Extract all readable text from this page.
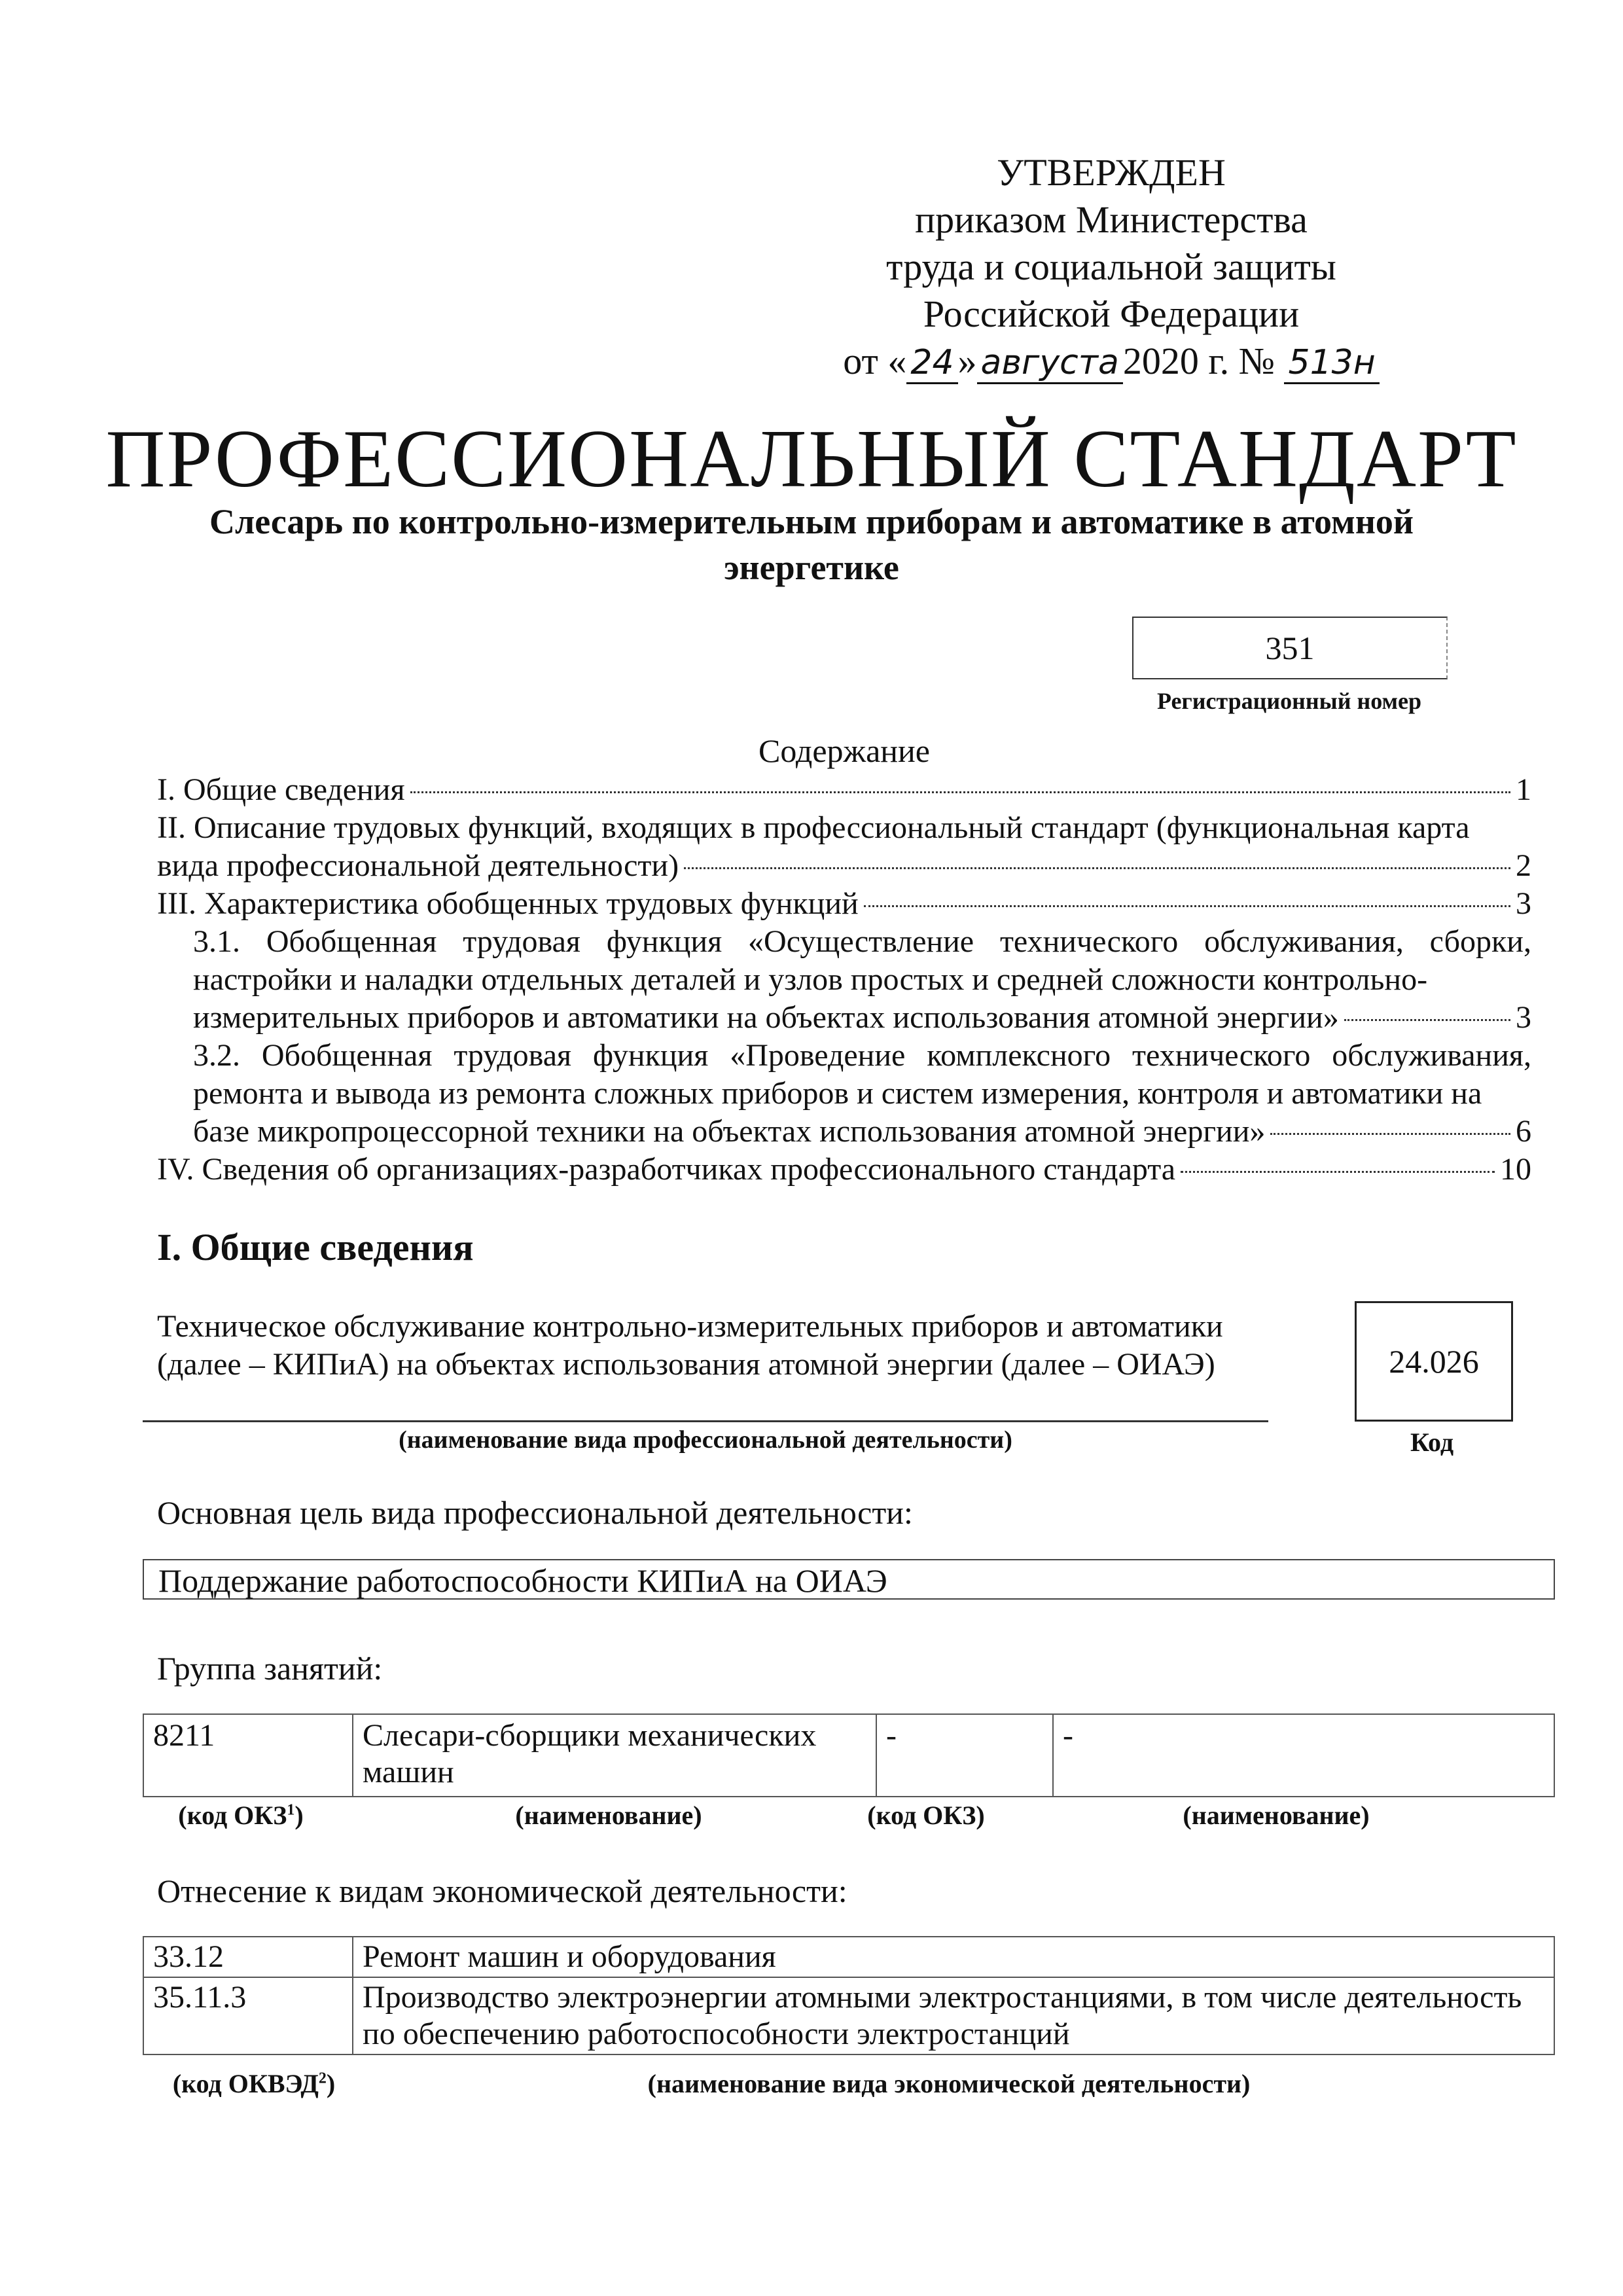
УТВЕРЖДЕН
приказом Министерства
труда и социальной защиты
Российской Федерации
от « 24 » августа 2020 г. № 513н
ПРОФЕССИОНАЛЬНЫЙ СТАНДАРТ
Слесарь по контрольно-измерительным приборам и автоматике в атомной энергетике
351
Регистрационный номер
Содержание
I. Общие сведения	1
II. Описание трудовых функций, входящих в профессиональный стандарт (функциональная карта
вида профессиональной деятельности)	2
III. Характеристика обобщенных трудовых функций	3
3.1. Обобщенная трудовая функция «Осуществление технического обслуживания, сборки, настройки и наладки отдельных деталей и узлов простых и средней сложности контрольно-
измерительных приборов и автоматики на объектах использования атомной энергии»	3
3.2. Обобщенная трудовая функция «Проведение комплексного технического обслуживания, ремонта и вывода из ремонта сложных приборов и систем измерения, контроля и автоматики на
базе микропроцессорной техники на объектах использования атомной энергии»	6
IV. Сведения об организациях-разработчиках профессионального стандарта	10
I. Общие сведения
Техническое обслуживание контрольно-измерительных приборов и автоматики (далее – КИПиА) на объектах использования атомной энергии (далее – ОИАЭ)
(наименование вида профессиональной деятельности)
24.026
Код
Основная цель вида профессиональной деятельности:
Поддержание работоспособности КИПиА на ОИАЭ
Группа занятий:
8211	Слесари-сборщики механических машин	-	-
(код ОКЗ$^1$)	(наименование)	(код ОКЗ)	(наименование)
Отнесение к видам экономической деятельности:
33.12	Ремонт машин и оборудования
35.11.3	Производство электроэнергии атомными электростанциями, в том числе деятельность по обеспечению работоспособности электростанций
(код ОКВЭД$^2$)	(наименование вида экономической деятельности)
